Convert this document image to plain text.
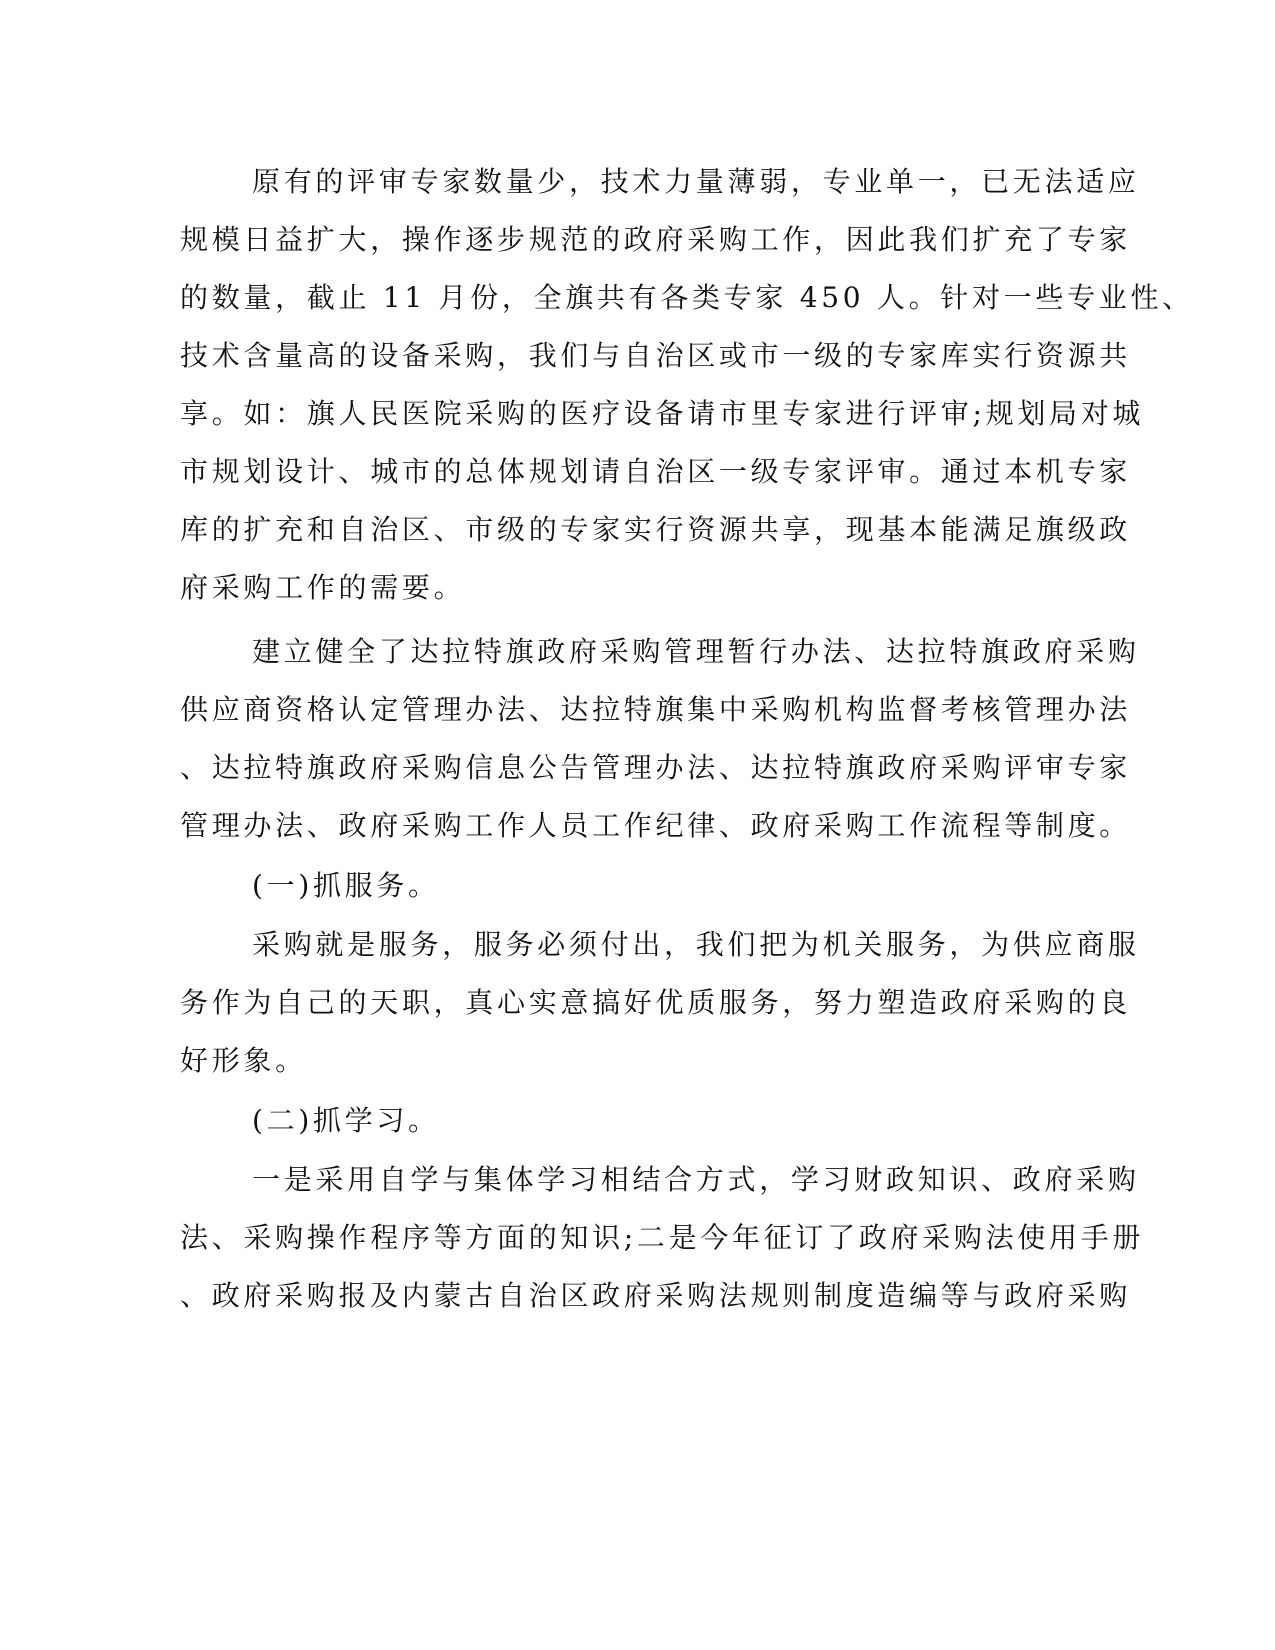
原有的评审专家数量少，技术力量薄弱，专业单一，已无法适应
规模日益扩大，操作逐步规范的政府采购工作，因此我们扩充了专家
的数量，截止 11 月份，全旗共有各类专家 450 人。针对一些专业性、
技术含量高的设备采购，我们与自治区或市一级的专家库实行资源共
享。如：旗人民医院采购的医疗设备请市里专家进行评审;规划局对城
市规划设计、城市的总体规划请自治区一级专家评审。通过本机专家
库的扩充和自治区、市级的专家实行资源共享，现基本能满足旗级政
府采购工作的需要。
建立健全了达拉特旗政府采购管理暂行办法、达拉特旗政府采购
供应商资格认定管理办法、达拉特旗集中采购机构监督考核管理办法
、达拉特旗政府采购信息公告管理办法、达拉特旗政府采购评审专家
管理办法、政府采购工作人员工作纪律、政府采购工作流程等制度。
(一)抓服务。
采购就是服务，服务必须付出，我们把为机关服务，为供应商服
务作为自己的天职，真心实意搞好优质服务，努力塑造政府采购的良
好形象。
(二)抓学习。
一是采用自学与集体学习相结合方式，学习财政知识、政府采购
法、采购操作程序等方面的知识;二是今年征订了政府采购法使用手册
、政府采购报及内蒙古自治区政府采购法规则制度造编等与政府采购
